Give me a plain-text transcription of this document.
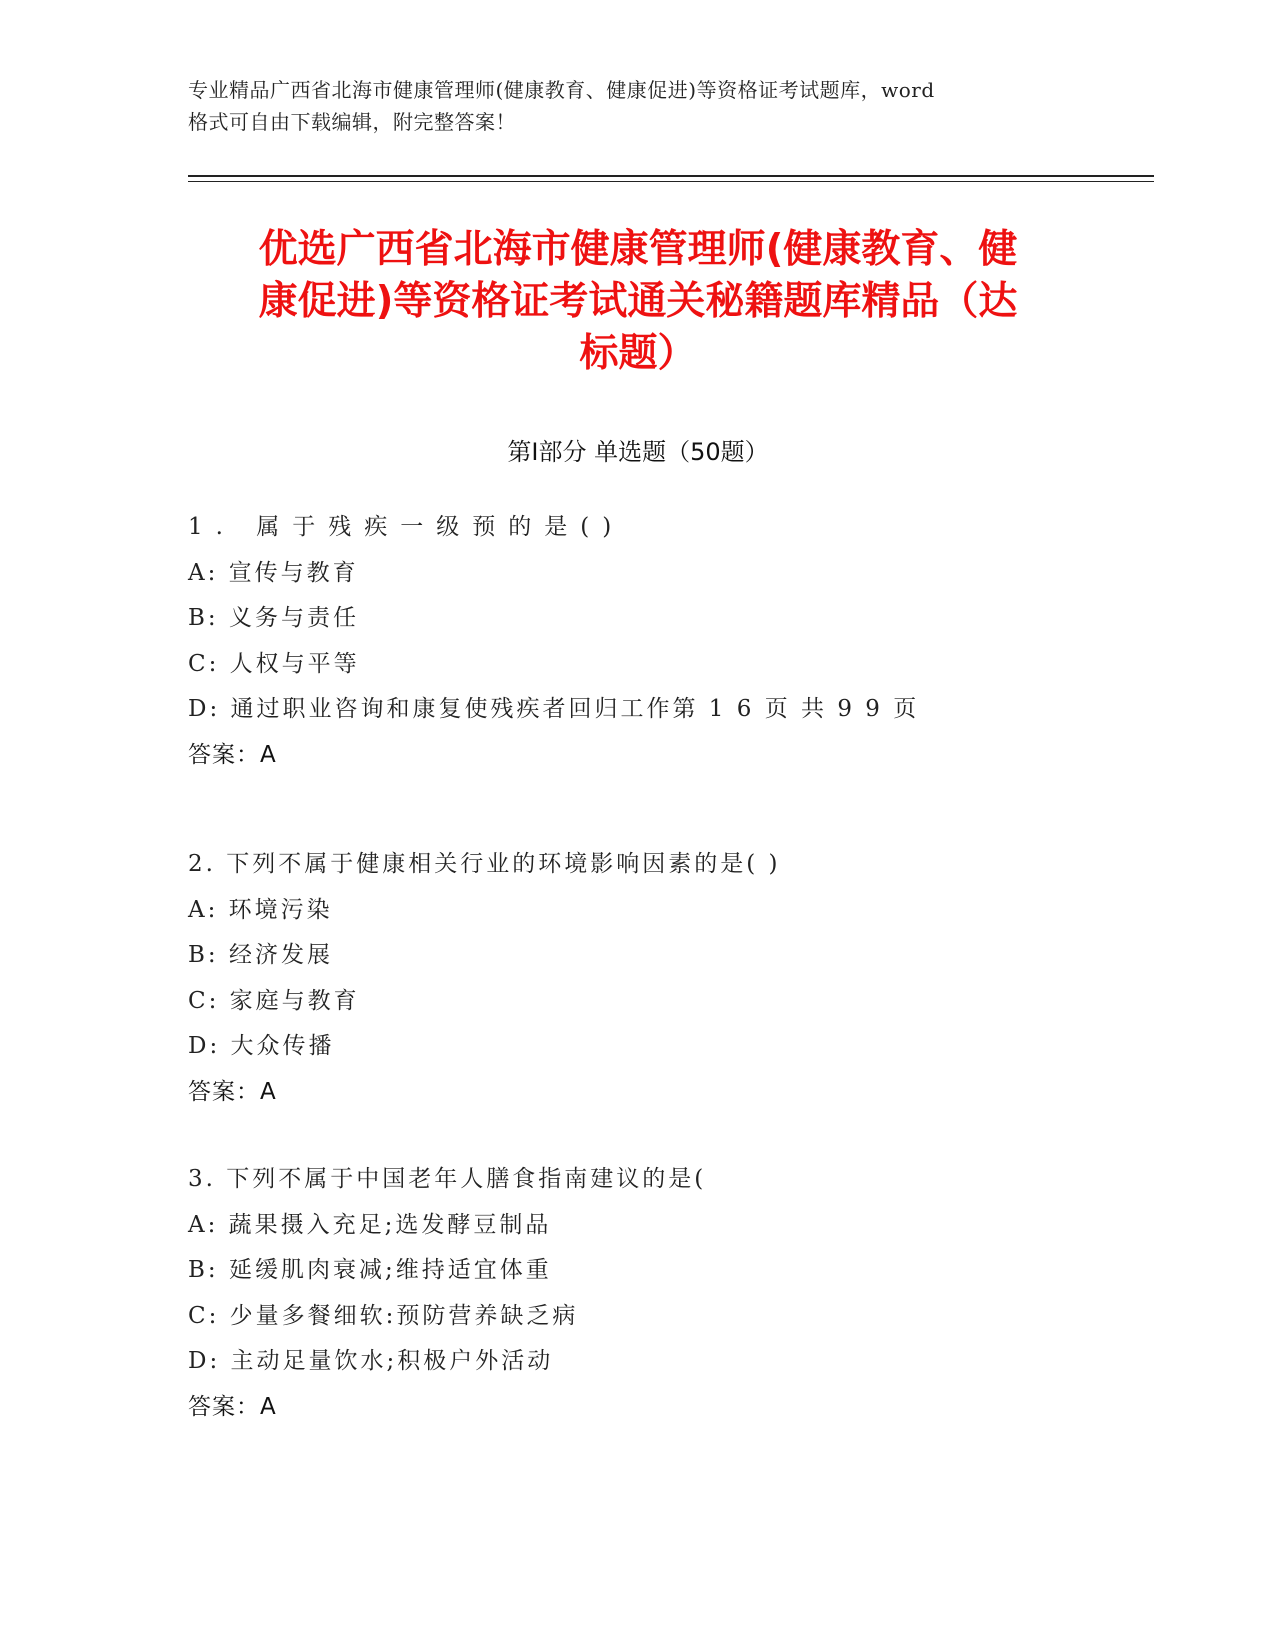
专业精品广西省北海市健康管理师(健康教育、健康促进)等资格证考试题库，word
格式可自由下载编辑，附完整答案！
优选广西省北海市健康管理师(健康教育、健
康促进)等资格证考试通关秘籍题库精品（达
标题）
第Ⅰ部分 单选题（50题）
1. 属于残疾一级预的是()
A: 宣传与教育
B: 义务与责任
C: 人权与平等
D: 通过职业咨询和康复使残疾者回归工作第 1 6 页 共 9 9 页
答案：A
2. 下列不属于健康相关行业的环境影响因素的是( )
A: 环境污染
B: 经济发展
C: 家庭与教育
D: 大众传播
答案：A
3. 下列不属于中国老年人膳食指南建议的是(
A: 蔬果摄入充足;选发酵豆制品
B: 延缓肌肉衰减;维持适宜体重
C: 少量多餐细软:预防营养缺乏病
D: 主动足量饮水;积极户外活动
答案：A
